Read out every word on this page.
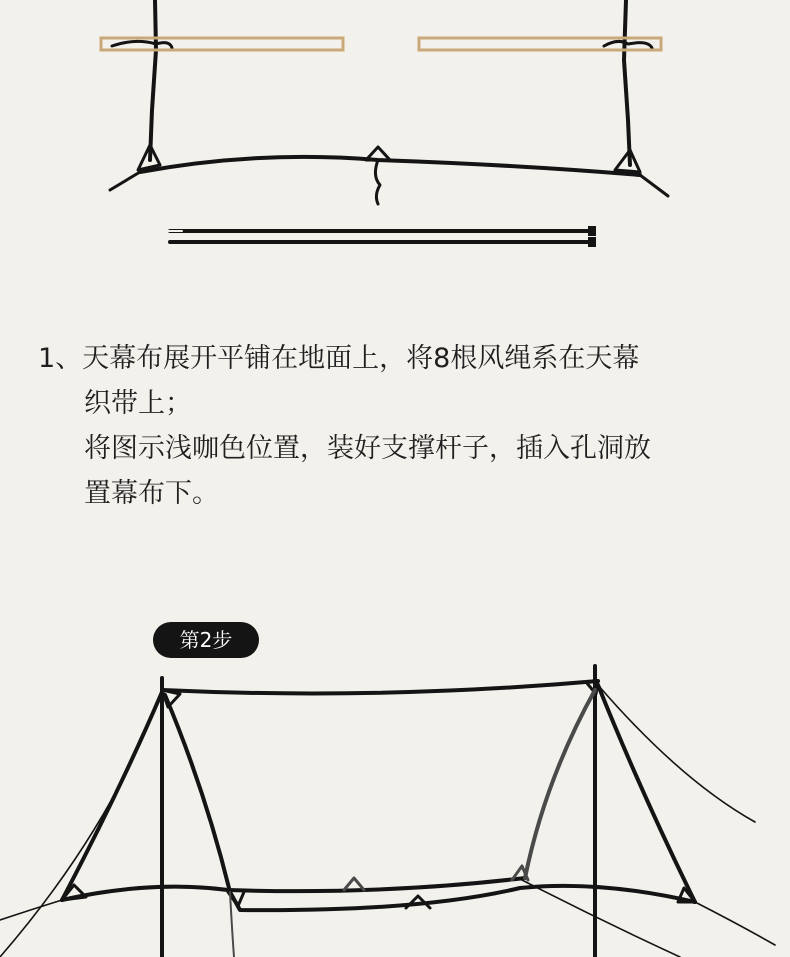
1、天幕布展开平铺在地面上，将8根风绳系在天幕
织带上；
将图示浅咖色位置，装好支撑杆子，插入孔洞放
置幕布下。
第2步
